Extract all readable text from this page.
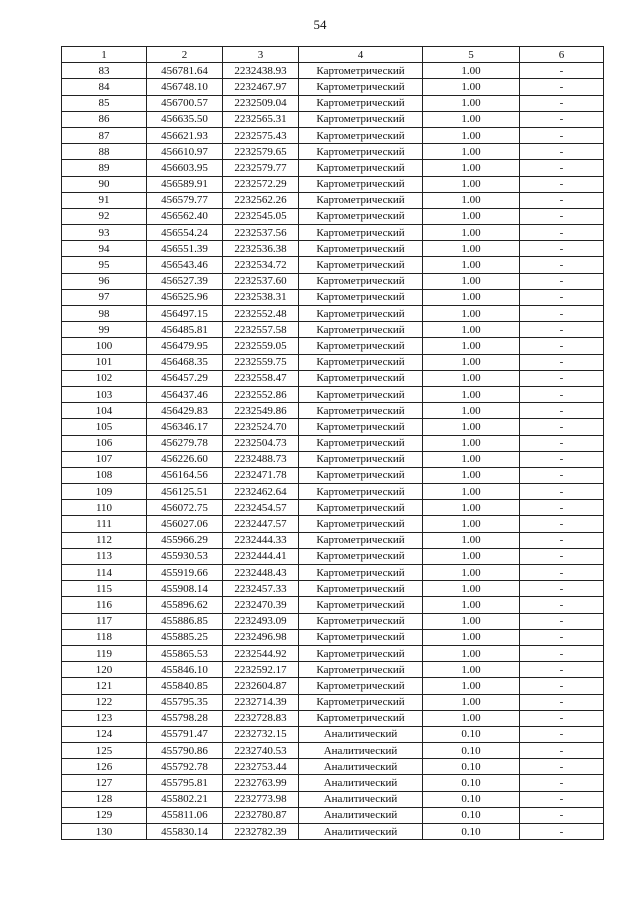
54
1	2	3	4	5	6
83	456781.64	2232438.93	Картометрический	1.00	-
84	456748.10	2232467.97	Картометрический	1.00	-
85	456700.57	2232509.04	Картометрический	1.00	-
86	456635.50	2232565.31	Картометрический	1.00	-
87	456621.93	2232575.43	Картометрический	1.00	-
88	456610.97	2232579.65	Картометрический	1.00	-
89	456603.95	2232579.77	Картометрический	1.00	-
90	456589.91	2232572.29	Картометрический	1.00	-
91	456579.77	2232562.26	Картометрический	1.00	-
92	456562.40	2232545.05	Картометрический	1.00	-
93	456554.24	2232537.56	Картометрический	1.00	-
94	456551.39	2232536.38	Картометрический	1.00	-
95	456543.46	2232534.72	Картометрический	1.00	-
96	456527.39	2232537.60	Картометрический	1.00	-
97	456525.96	2232538.31	Картометрический	1.00	-
98	456497.15	2232552.48	Картометрический	1.00	-
99	456485.81	2232557.58	Картометрический	1.00	-
100	456479.95	2232559.05	Картометрический	1.00	-
101	456468.35	2232559.75	Картометрический	1.00	-
102	456457.29	2232558.47	Картометрический	1.00	-
103	456437.46	2232552.86	Картометрический	1.00	-
104	456429.83	2232549.86	Картометрический	1.00	-
105	456346.17	2232524.70	Картометрический	1.00	-
106	456279.78	2232504.73	Картометрический	1.00	-
107	456226.60	2232488.73	Картометрический	1.00	-
108	456164.56	2232471.78	Картометрический	1.00	-
109	456125.51	2232462.64	Картометрический	1.00	-
110	456072.75	2232454.57	Картометрический	1.00	-
111	456027.06	2232447.57	Картометрический	1.00	-
112	455966.29	2232444.33	Картометрический	1.00	-
113	455930.53	2232444.41	Картометрический	1.00	-
114	455919.66	2232448.43	Картометрический	1.00	-
115	455908.14	2232457.33	Картометрический	1.00	-
116	455896.62	2232470.39	Картометрический	1.00	-
117	455886.85	2232493.09	Картометрический	1.00	-
118	455885.25	2232496.98	Картометрический	1.00	-
119	455865.53	2232544.92	Картометрический	1.00	-
120	455846.10	2232592.17	Картометрический	1.00	-
121	455840.85	2232604.87	Картометрический	1.00	-
122	455795.35	2232714.39	Картометрический	1.00	-
123	455798.28	2232728.83	Картометрический	1.00	-
124	455791.47	2232732.15	Аналитический	0.10	-
125	455790.86	2232740.53	Аналитический	0.10	-
126	455792.78	2232753.44	Аналитический	0.10	-
127	455795.81	2232763.99	Аналитический	0.10	-
128	455802.21	2232773.98	Аналитический	0.10	-
129	455811.06	2232780.87	Аналитический	0.10	-
130	455830.14	2232782.39	Аналитический	0.10	-
